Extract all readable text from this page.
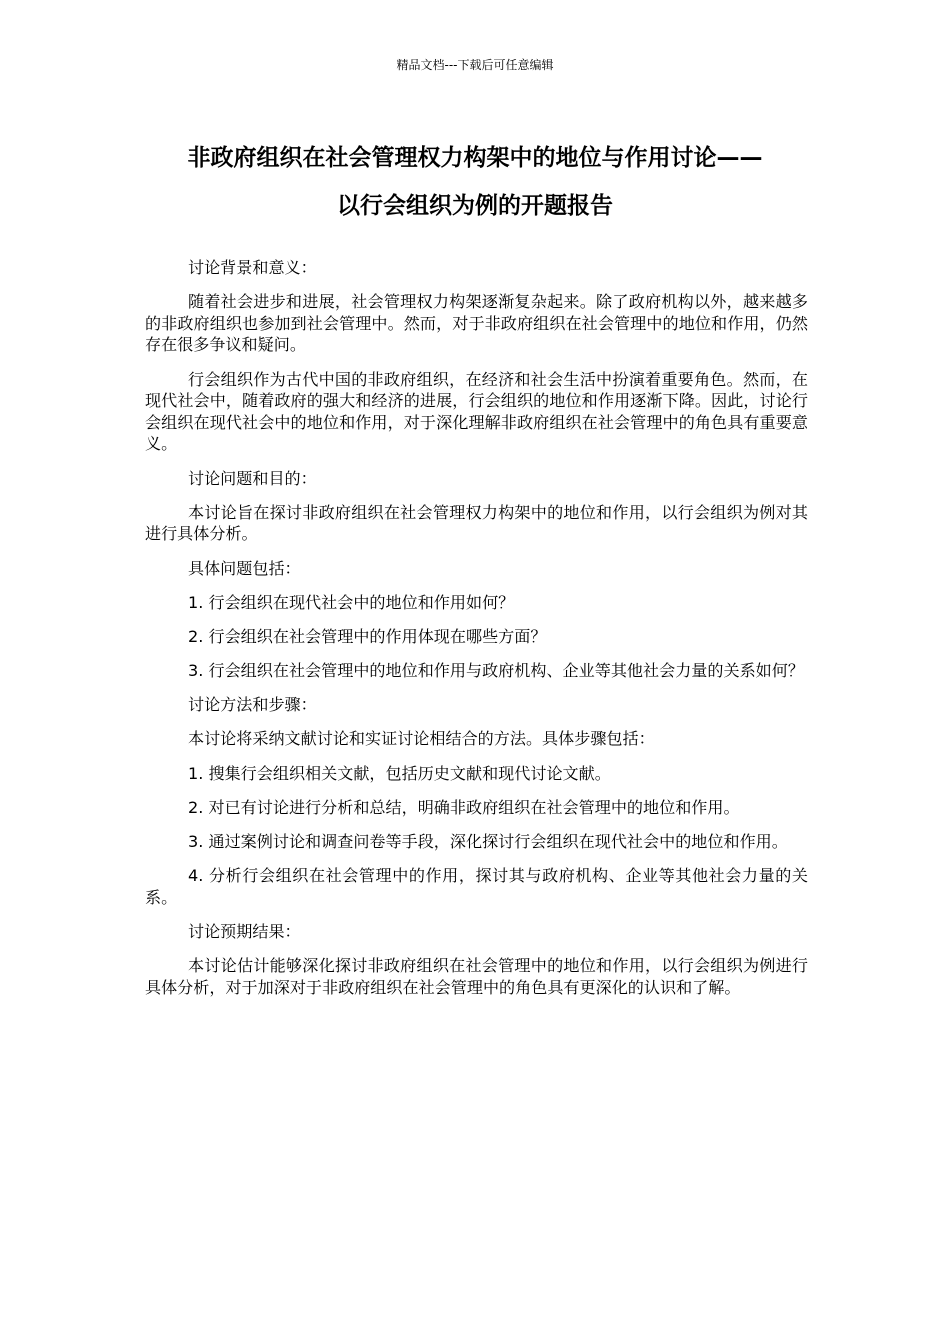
精品文档---下载后可任意编辑
非政府组织在社会管理权力构架中的地位与作用讨论——
以行会组织为例的开题报告

讨论背景和意义：

随着社会进步和进展，社会管理权力构架逐渐复杂起来。除了政府机构以外，越来越多的非政府组织也参加到社会管理中。然而，对于非政府组织在社会管理中的地位和作用，仍然存在很多争议和疑问。

行会组织作为古代中国的非政府组织，在经济和社会生活中扮演着重要角色。然而，在现代社会中，随着政府的强大和经济的进展，行会组织的地位和作用逐渐下降。因此，讨论行会组织在现代社会中的地位和作用，对于深化理解非政府组织在社会管理中的角色具有重要意义。

讨论问题和目的：

本讨论旨在探讨非政府组织在社会管理权力构架中的地位和作用，以行会组织为例对其进行具体分析。

具体问题包括：

1. 行会组织在现代社会中的地位和作用如何？

2. 行会组织在社会管理中的作用体现在哪些方面？

3. 行会组织在社会管理中的地位和作用与政府机构、企业等其他社会力量的关系如何？

讨论方法和步骤：

本讨论将采纳文献讨论和实证讨论相结合的方法。具体步骤包括：

1. 搜集行会组织相关文献，包括历史文献和现代讨论文献。

2. 对已有讨论进行分析和总结，明确非政府组织在社会管理中的地位和作用。

3. 通过案例讨论和调查问卷等手段，深化探讨行会组织在现代社会中的地位和作用。

4. 分析行会组织在社会管理中的作用，探讨其与政府机构、企业等其他社会力量的关系。

讨论预期结果：

本讨论估计能够深化探讨非政府组织在社会管理中的地位和作用，以行会组织为例进行具体分析，对于加深对于非政府组织在社会管理中的角色具有更深化的认识和了解。
